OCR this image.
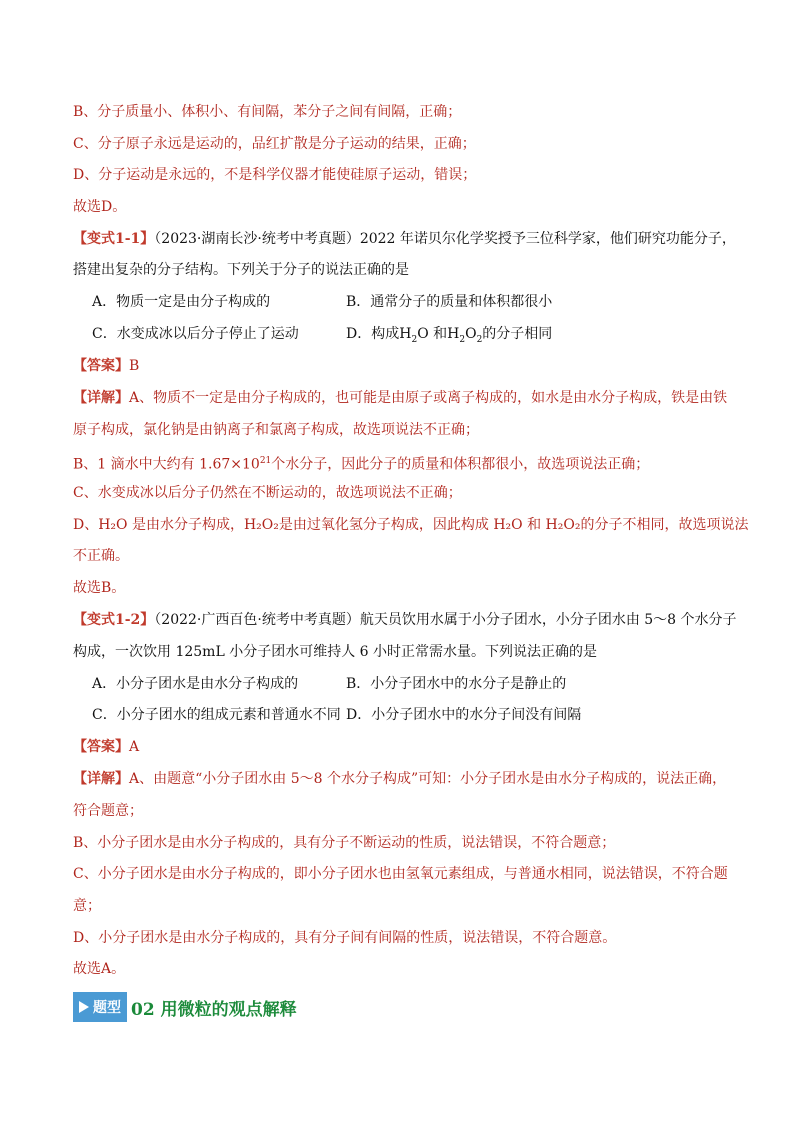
B、分子质量小、体积小、有间隔，苯分子之间有间隔，正确；
C、分子原子永远是运动的，品红扩散是分子运动的结果，正确；
D、分子运动是永远的，不是科学仪器才能使硅原子运动，错误；
故选D。
【变式1-1】（2023·湖南长沙·统考中考真题）2022 年诺贝尔化学奖授予三位科学家，他们研究功能分子，
搭建出复杂的分子结构。下列关于分子的说法正确的是
A．物质一定是由分子构成的	B．通常分子的质量和体积都很小
C．水变成冰以后分子停止了运动	D．构成$H_2O$ 和$H_2O_2$的分子相同
【答案】B
【详解】A、物质不一定是由分子构成的，也可能是由原子或离子构成的，如水是由水分子构成，铁是由铁
原子构成，氯化钠是由钠离子和氯离子构成，故选项说法不正确；
B、1 滴水中大约有 $1.67\times 10^{21}$个水分子，因此分子的质量和体积都很小，故选项说法正确；
C、水变成冰以后分子仍然在不断运动的，故选项说法不正确；
D、H₂O 是由水分子构成，H₂O₂是由过氧化氢分子构成，因此构成 H₂O 和 H₂O₂的分子不相同，故选项说法
不正确。
故选B。
【变式1-2】（2022·广西百色·统考中考真题）航天员饮用水属于小分子团水，小分子团水由 5～8 个水分子
构成，一次饮用 125mL 小分子团水可维持人 6 小时正常需水量。下列说法正确的是
A．小分子团水是由水分子构成的	B．小分子团水中的水分子是静止的
C．小分子团水的组成元素和普通水不同 D．小分子团水中的水分子间没有间隔
【答案】A
【详解】A、由题意“小分子团水由 5～8 个水分子构成”可知：小分子团水是由水分子构成的，说法正确，
符合题意；
B、小分子团水是由水分子构成的，具有分子不断运动的性质，说法错误，不符合题意；
C、小分子团水是由水分子构成的，即小分子团水也由氢氧元素组成，与普通水相同，说法错误，不符合题
意；
D、小分子团水是由水分子构成的，具有分子间有间隔的性质，说法错误，不符合题意。
故选A。
题型 02 用微粒的观点解释
